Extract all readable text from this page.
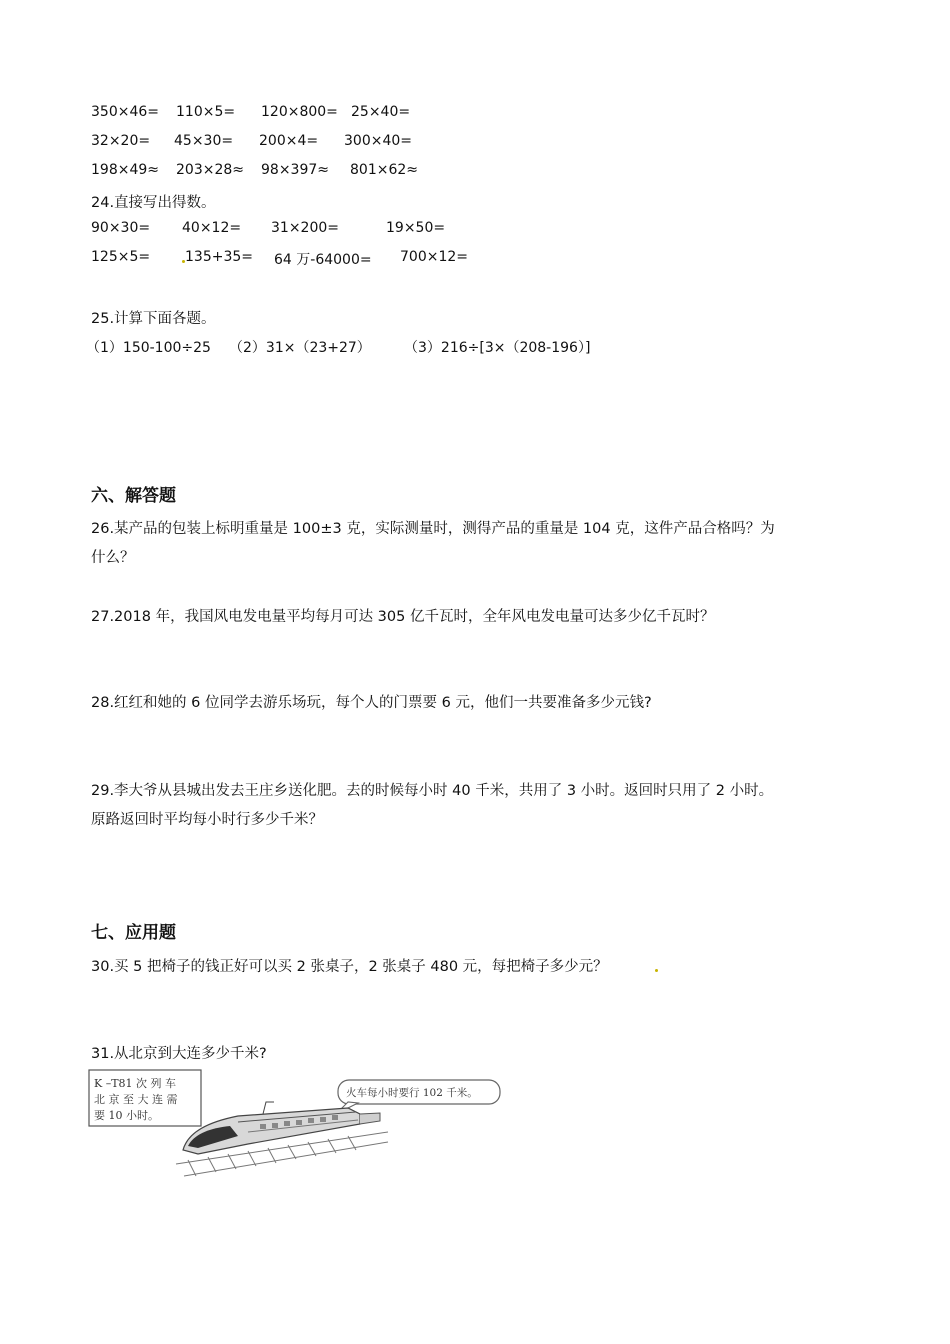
350×46= 110×5= 120×800= 25×40=
32×20= 45×30= 200×4= 300×40=
198×49≈ 203×28≈ 98×397≈ 801×62≈
24.直接写出得数。
90×30= 40×12= 31×200=	19×50=
125×5= 135+35= 64 万-64000= 700×12=
25.计算下面各题。
（1）150-100÷25 （2）31×（23+27） （3）216÷[3×（208-196）]
六、解答题
26.某产品的包装上标明重量是 100±3 克，实际测量时，测得产品的重量是 104 克，这件产品合格吗？为
什么？
27.2018 年，我国风电发电量平均每月可达 305 亿千瓦时，全年风电发电量可达多少亿千瓦时？
28.红红和她的 6 位同学去游乐场玩，每个人的门票要 6 元，他们一共要准备多少元钱?
29.李大爷从县城出发去王庄乡送化肥。去的时候每小时 40 千米，共用了 3 小时。返回时只用了 2 小时。
原路返回时平均每小时行多少千米？
七、应用题
30.买 5 把椅子的钱正好可以买 2 张桌子，2 张桌子 480 元，每把椅子多少元？
31.从北京到大连多少千米?
K –T81 次 列 车
北 京 至 大 连 需
要 10 小时。
火车每小时要行 102 千米。
